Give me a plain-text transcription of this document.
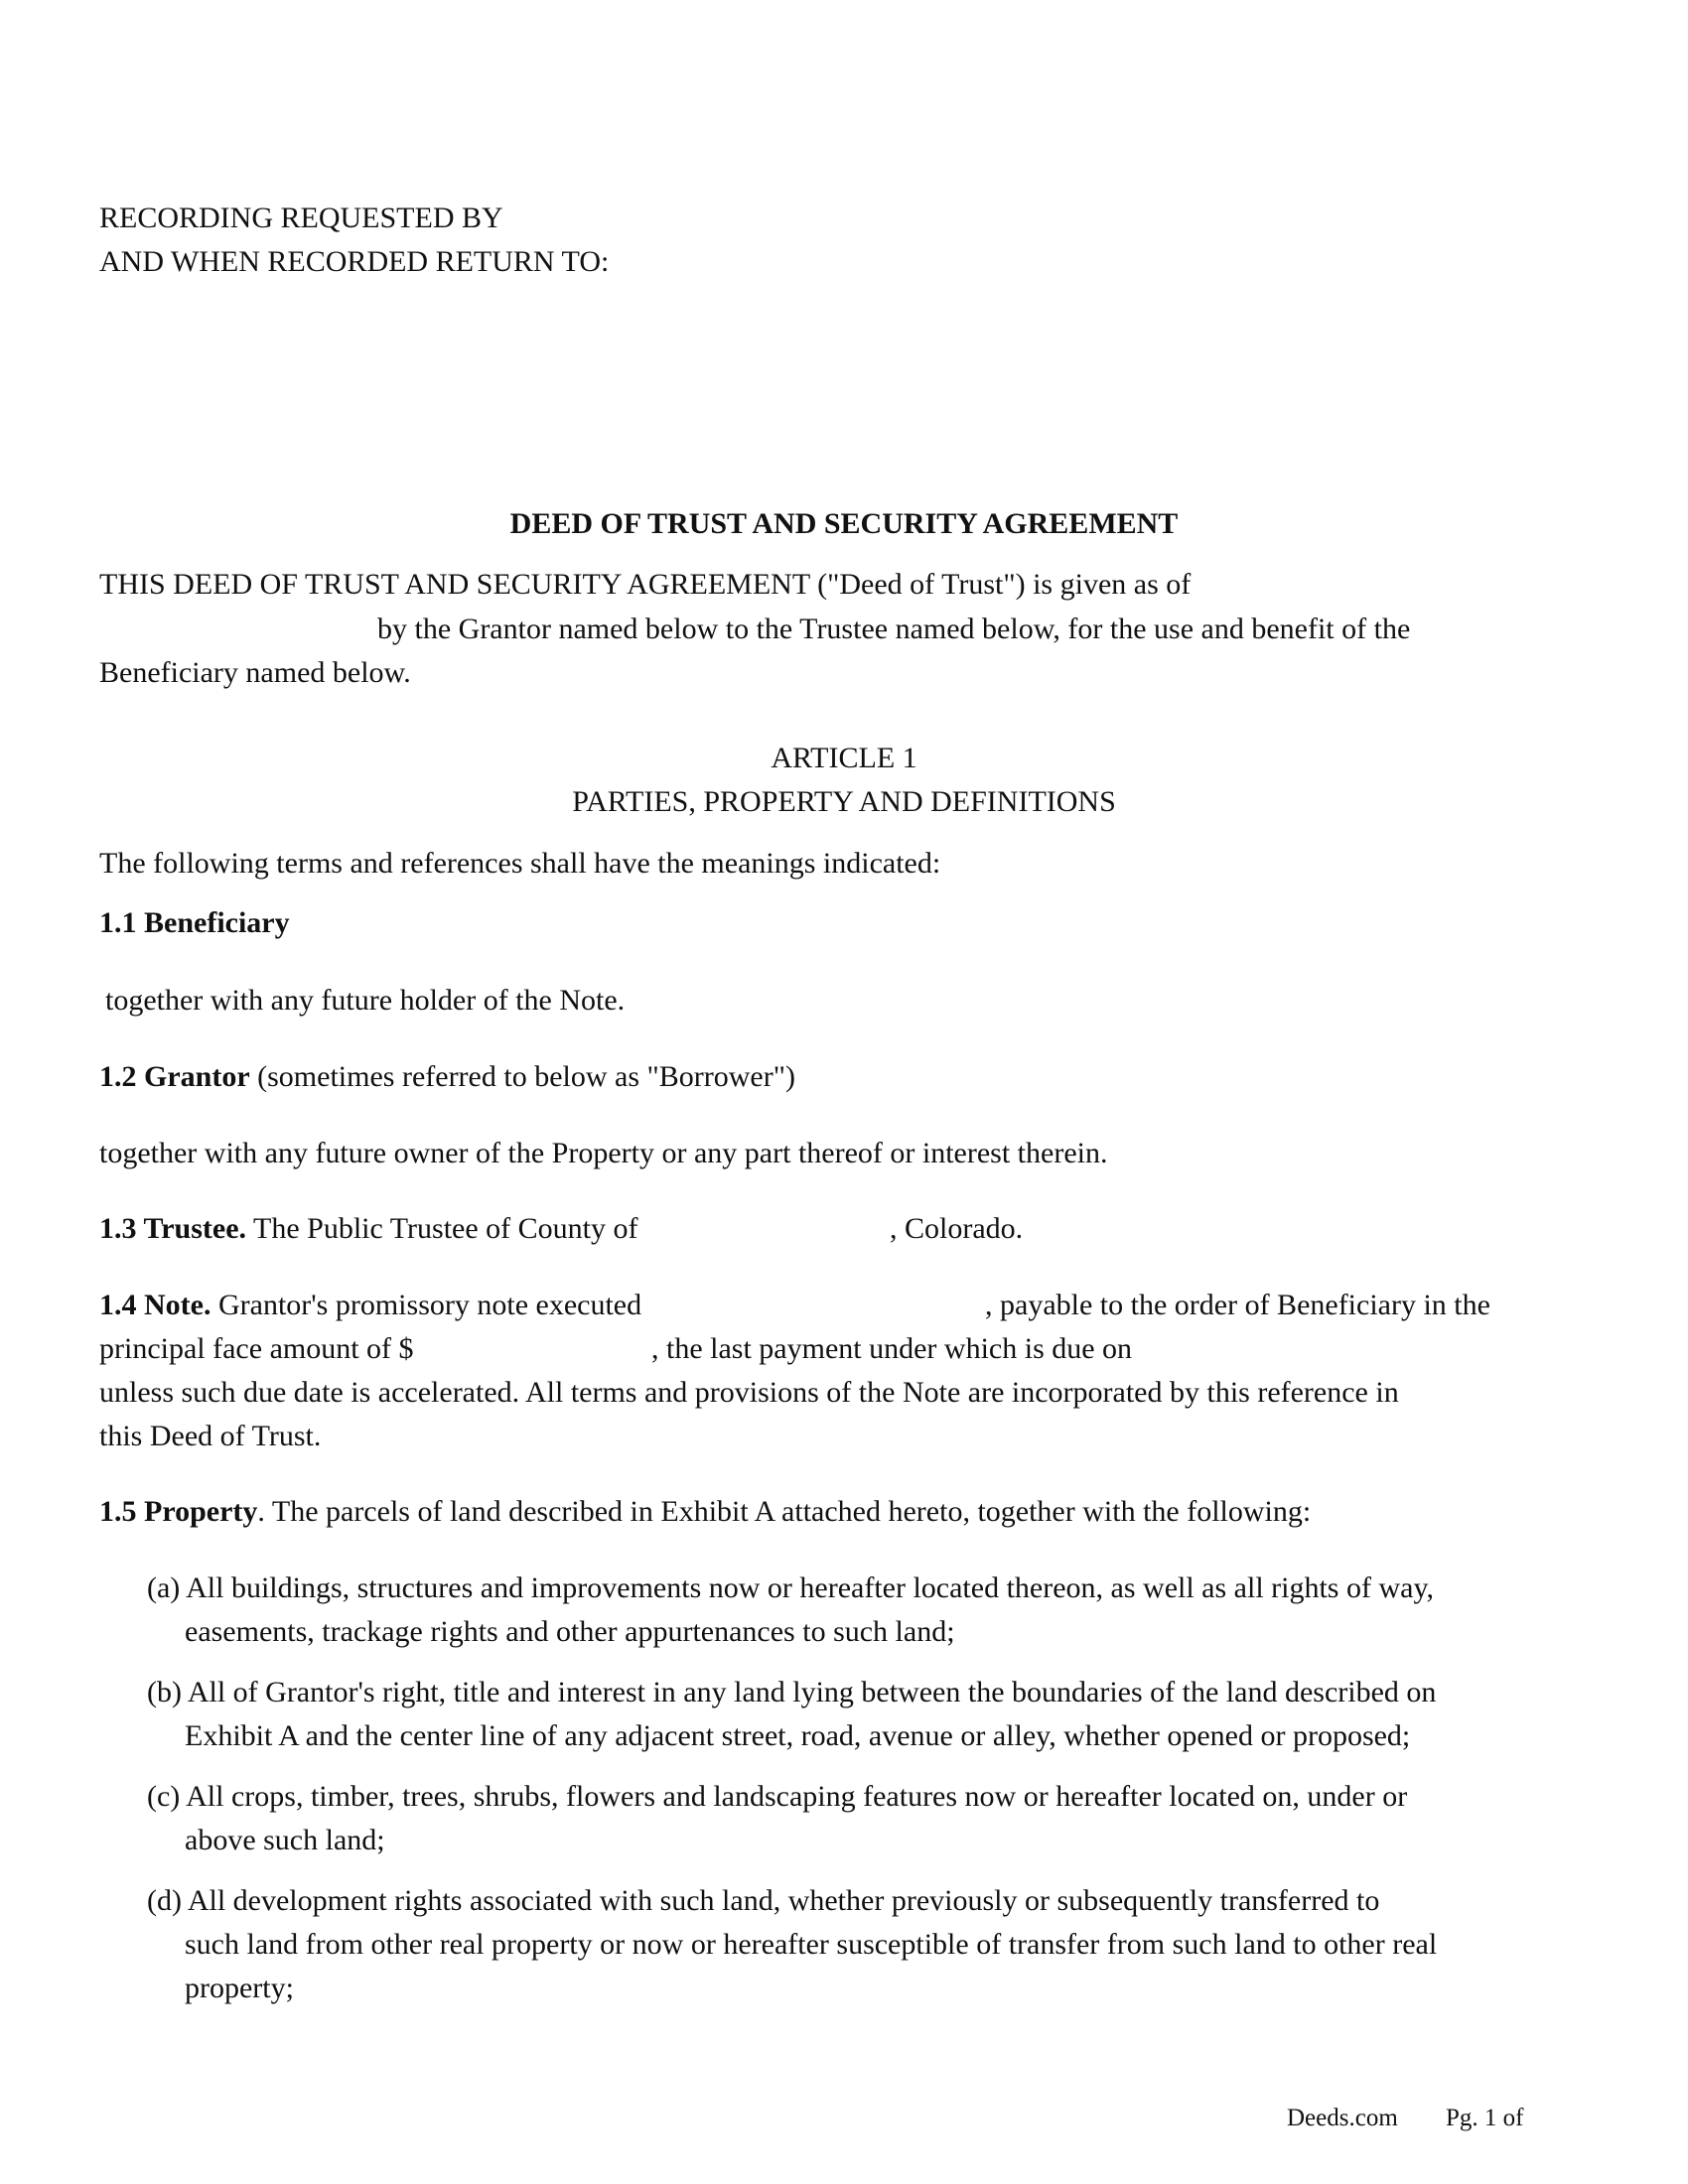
RECORDING REQUESTED BY
AND WHEN RECORDED RETURN TO:
DEED OF TRUST AND SECURITY AGREEMENT
THIS DEED OF TRUST AND SECURITY AGREEMENT ("Deed of Trust") is given as of
by the Grantor named below to the Trustee named below, for the use and benefit of the
Beneficiary named below.
ARTICLE 1
PARTIES, PROPERTY AND DEFINITIONS
The following terms and references shall have the meanings indicated:
1.1 Beneficiary
together with any future holder of the Note.
1.2 Grantor (sometimes referred to below as "Borrower")
together with any future owner of the Property or any part thereof or interest therein.
1.3 Trustee. The Public Trustee of County of	, Colorado.
1.4 Note. Grantor's promissory note executed	, payable to the order of Beneficiary in the
principal face amount of $	, the last payment under which is due on
unless such due date is accelerated. All terms and provisions of the Note are incorporated by this reference in
this Deed of Trust.
1.5 Property. The parcels of land described in Exhibit A attached hereto, together with the following:
(a) All buildings, structures and improvements now or hereafter located thereon, as well as all rights of way,
easements, trackage rights and other appurtenances to such land;
(b) All of Grantor's right, title and interest in any land lying between the boundaries of the land described on
Exhibit A and the center line of any adjacent street, road, avenue or alley, whether opened or proposed;
(c) All crops, timber, trees, shrubs, flowers and landscaping features now or hereafter located on, under or
above such land;
(d) All development rights associated with such land, whether previously or subsequently transferred to
such land from other real property or now or hereafter susceptible of transfer from such land to other real
property;
Deeds.com Pg. 1 of
